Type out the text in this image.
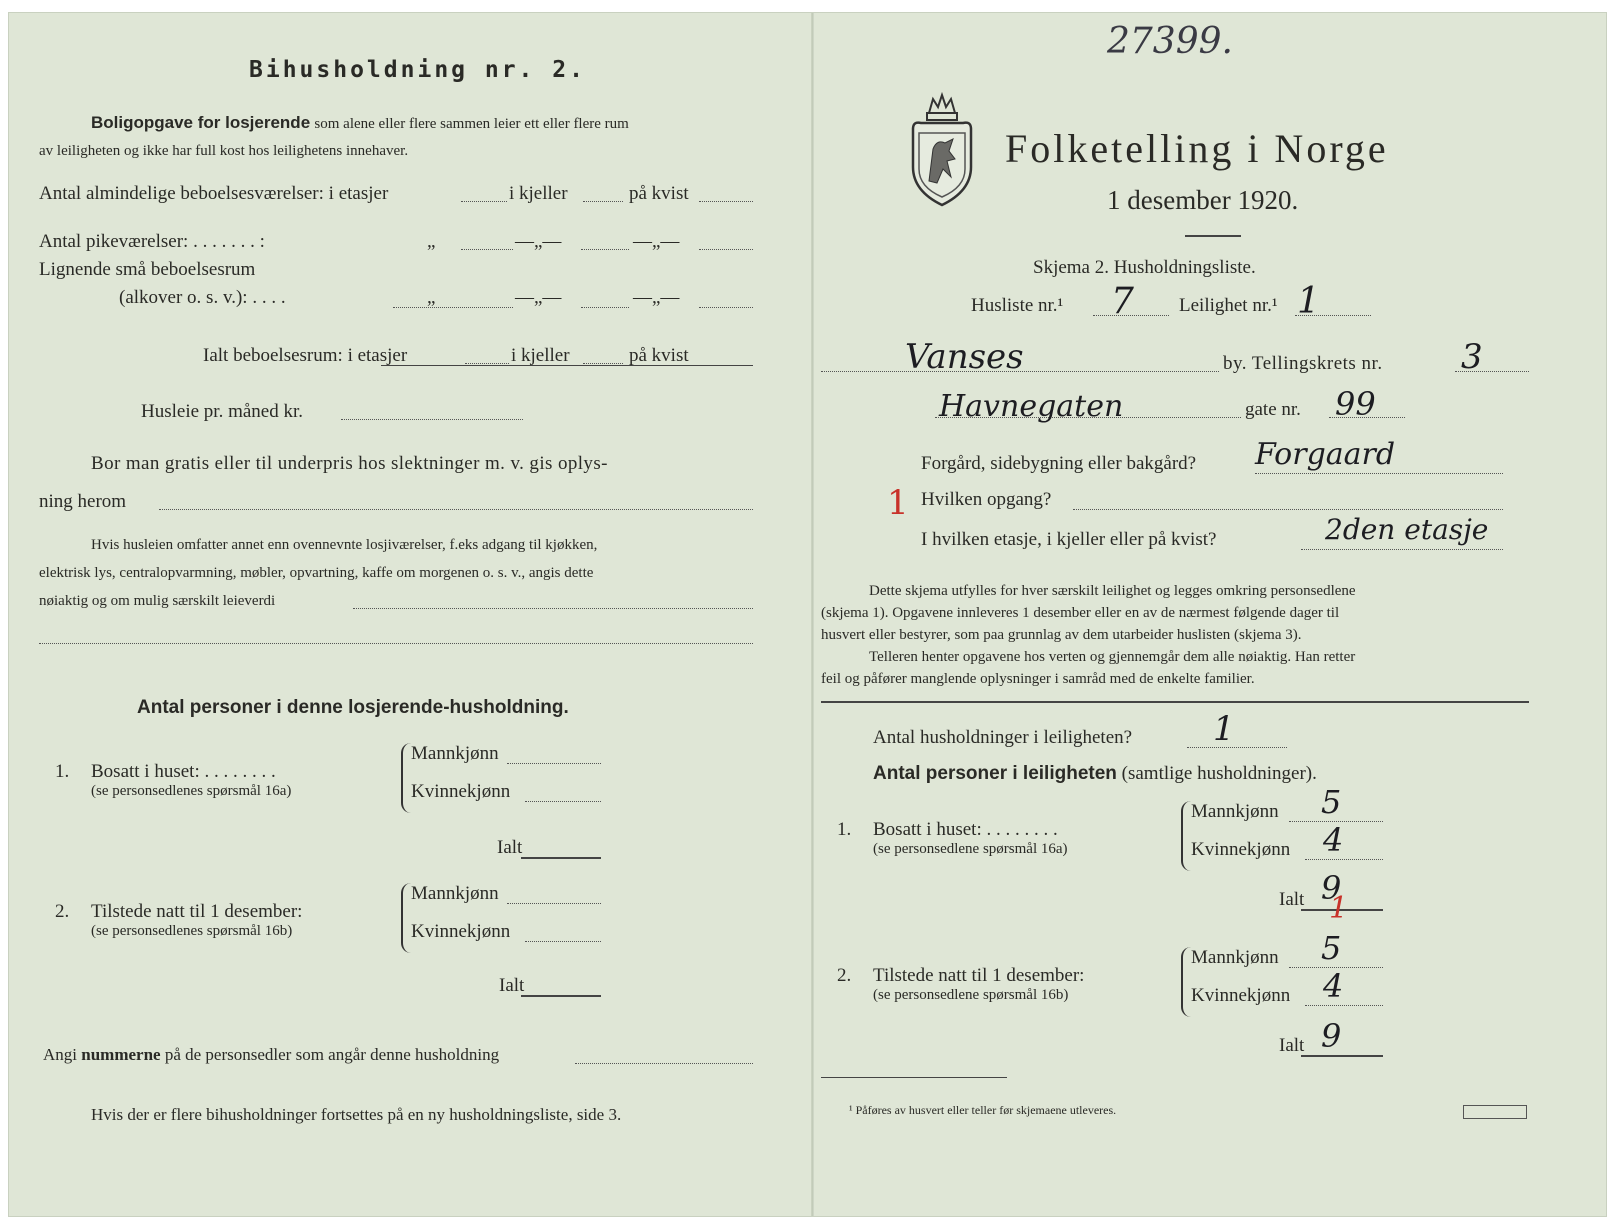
Bihusholdning nr. 2.
Boligopgave for losjerende som alene eller flere sammen leier ett eller flere rum
av leiligheten og ikke har full kost hos leilighetens innehaver.
Antal almindelige beboelsesværelser: i etasjer	i kjeller	på kvist
Antal pikeværelser: . . . . . . . :	„	—„—	—„—
Lignende små beboelsesrum
(alkover o. s. v.): . . . .	„	—„—	—„—
Ialt beboelsesrum: i etasjer	i kjeller	på kvist
Husleie pr. måned kr.
Bor man gratis eller til underpris hos slektninger m. v. gis oplys-
ning herom
Hvis husleien omfatter annet enn ovennevnte losjiværelser, f.eks adgang til kjøkken,
elektrisk lys, centralopvarmning, møbler, opvartning, kaffe om morgenen o. s. v., angis dette
nøiaktig og om mulig særskilt leieverdi
Antal personer i denne losjerende-husholdning.
1. Bosatt i huset: . . . . . . . .
(se personsedlenes spørsmål 16a)
Mannkjønn
Kvinnekjønn
Ialt
2. Tilstede natt til 1 desember:
(se personsedlenes spørsmål 16b)
Mannkjønn
Kvinnekjønn
Ialt
Angi nummerne på de personsedler som angår denne husholdning
Hvis der er flere bihusholdninger fortsettes på en ny husholdningsliste, side 3.
27399.
Folketelling i Norge
1 desember 1920.
Skjema 2. Husholdningsliste.
Husliste nr.¹ 7 Leilighet nr.¹ 1
Vanses	by. Tellingskrets nr. 3
Havnegaten	gate nr. 99
Forgård, sidebygning eller bakgård? Forgaard
1 Hvilken opgang?
I hvilken etasje, i kjeller eller på kvist?	2den etasje
Dette skjema utfylles for hver særskilt leilighet og legges omkring personsedlene
(skjema 1). Opgavene innleveres 1 desember eller en av de nærmest følgende dager til
husvert eller bestyrer, som paa grunnlag av dem utarbeider huslisten (skjema 3).
Telleren henter opgavene hos verten og gjennemgår dem alle nøiaktig. Han retter
feil og påfører manglende oplysninger i samråd med de enkelte familier.
Antal husholdninger i leiligheten? 1
Antal personer i leiligheten (samtlige husholdninger).
1. Bosatt i huset: . . . . . . . .
(se personsedlene spørsmål 16a)
Mannkjønn 5
Kvinnekjønn 4
Ialt 9
1
2. Tilstede natt til 1 desember:
(se personsedlene spørsmål 16b)
Mannkjønn 5
Kvinnekjønn 4
Ialt 9
¹ Påføres av husvert eller teller før skjemaene utleveres.
